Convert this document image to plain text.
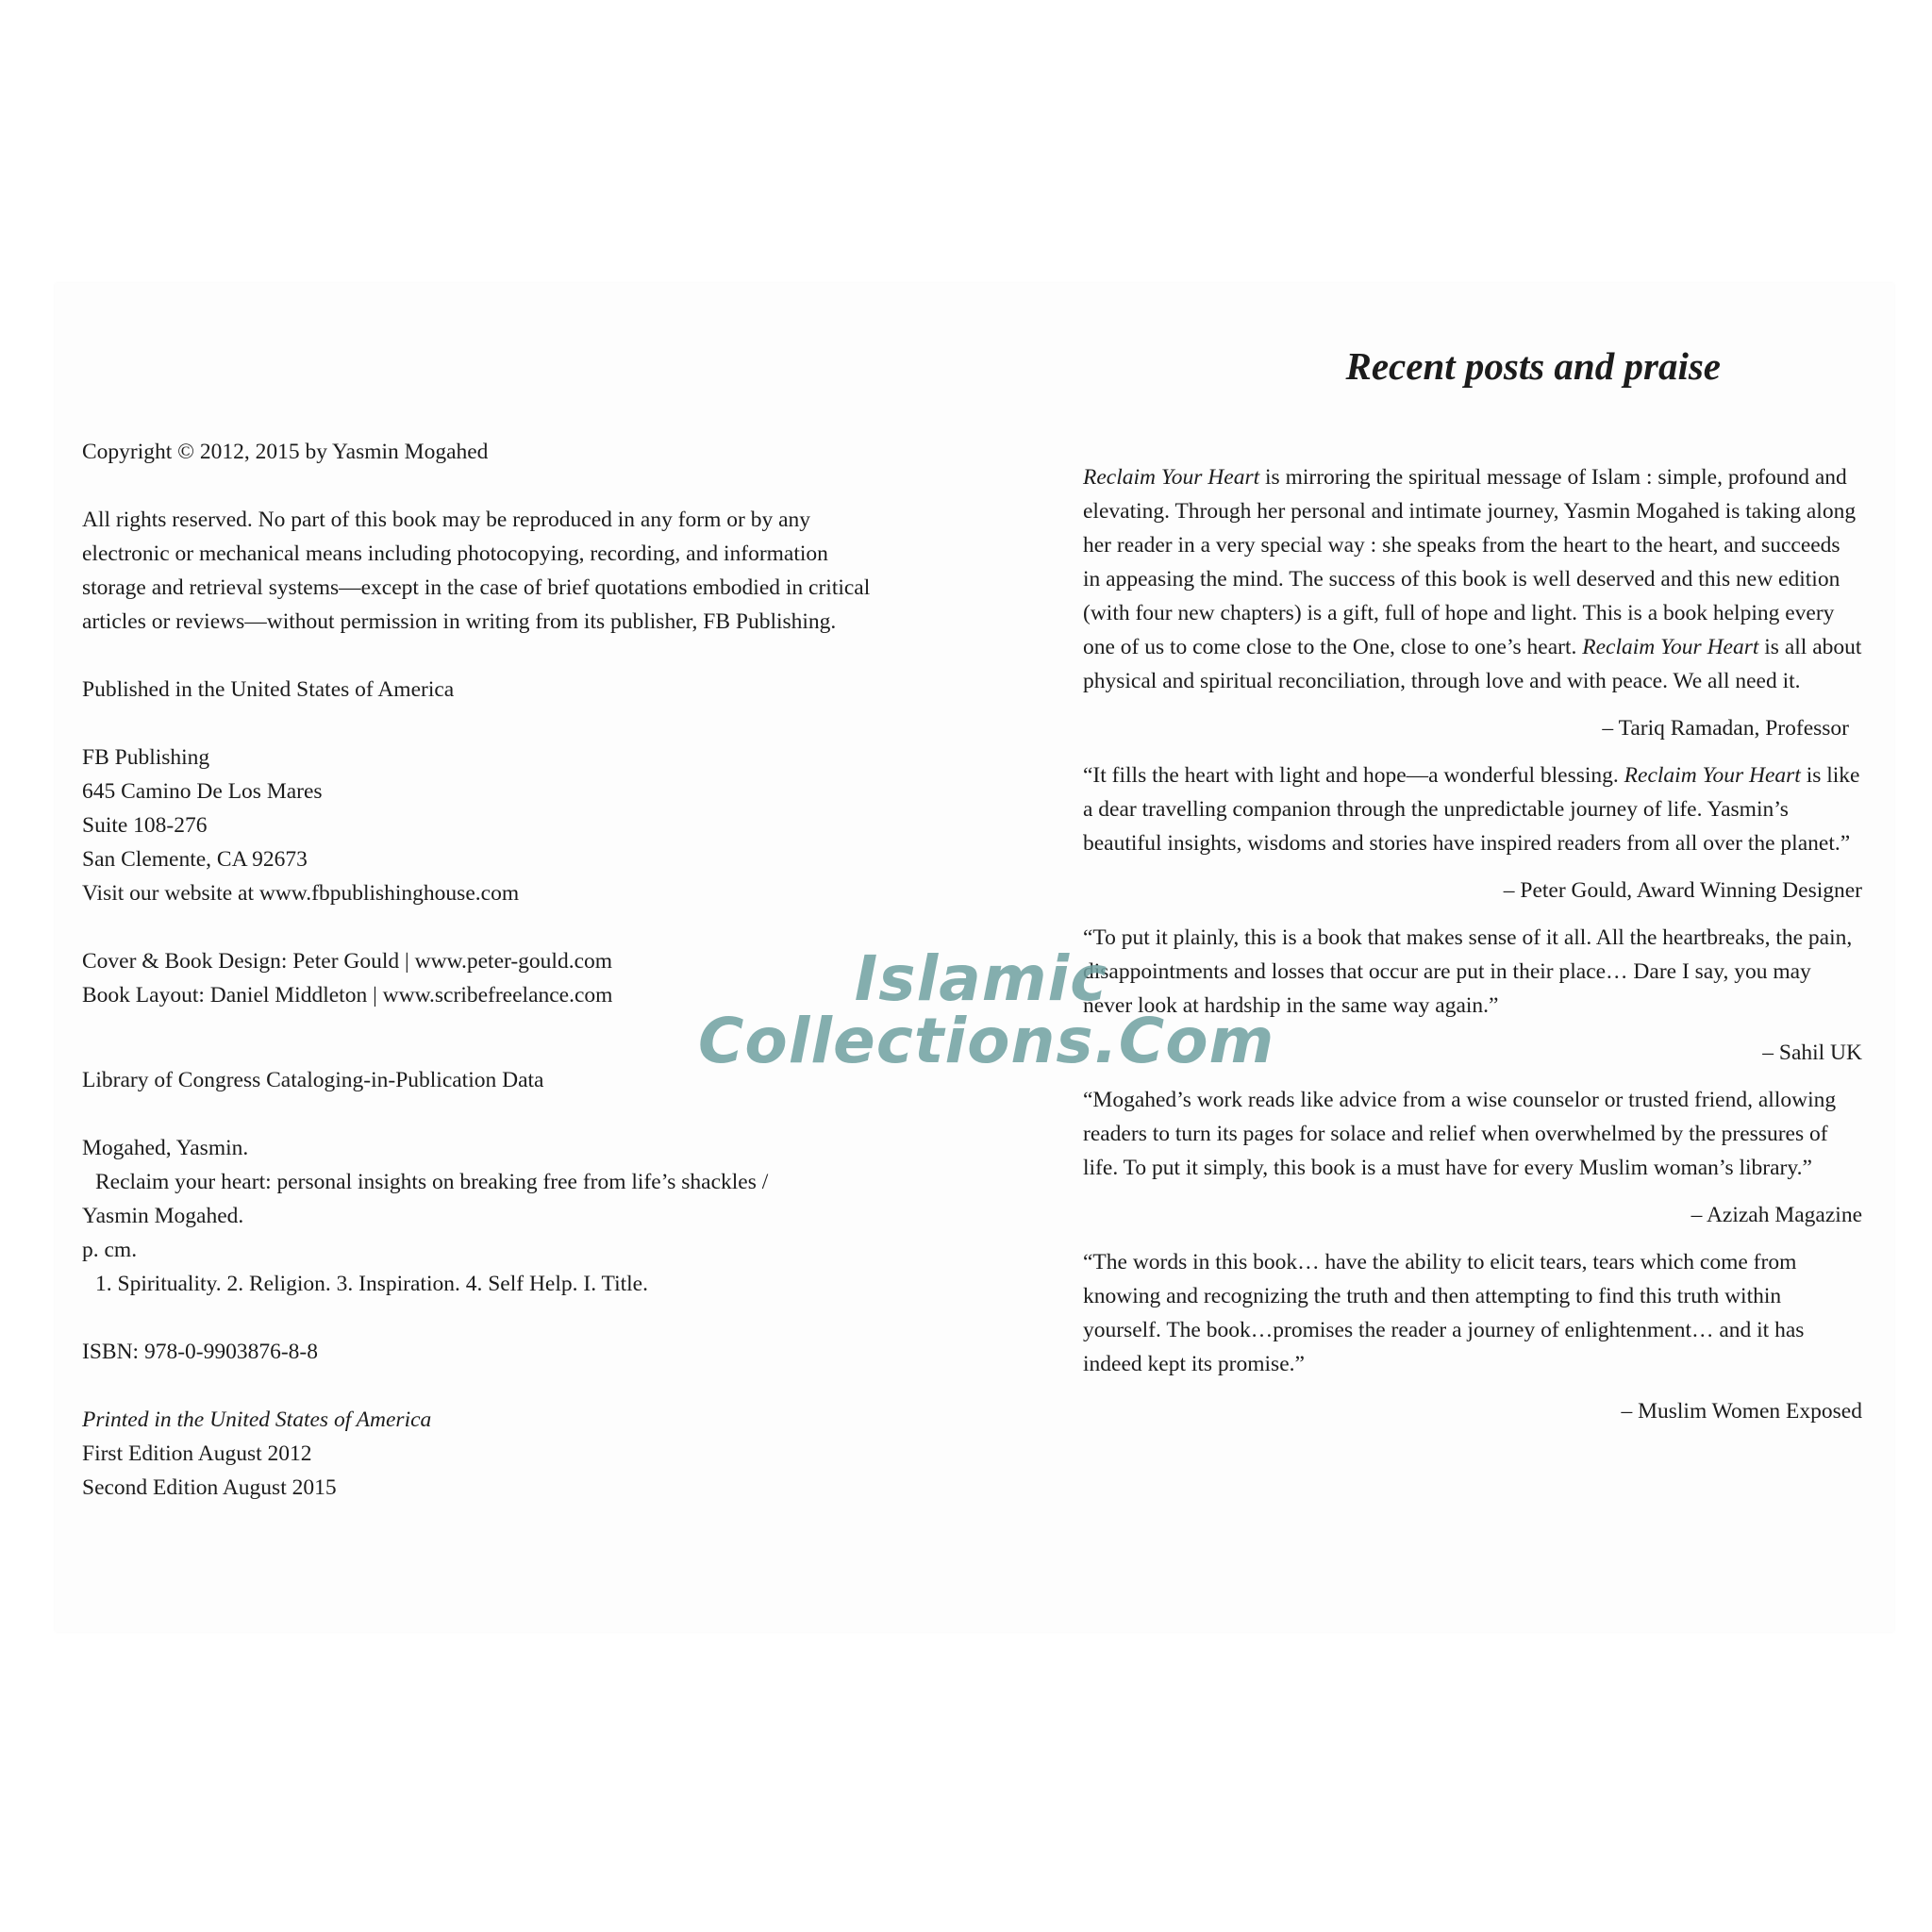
Copyright © 2012, 2015 by Yasmin Mogahed

All rights reserved. No part of this book may be reproduced in any form or by any electronic or mechanical means including photocopying, recording, and information storage and retrieval systems—except in the case of brief quotations embodied in critical articles or reviews—without permission in writing from its publisher, FB Publishing.

Published in the United States of America

FB Publishing

645 Camino De Los Mares

Suite 108-276

San Clemente, CA 92673

Visit our website at www.fbpublishinghouse.com

Cover & Book Design: Peter Gould | www.peter-gould.com

Book Layout: Daniel Middleton | www.scribefreelance.com

Library of Congress Cataloging-in-Publication Data

Mogahed, Yasmin.

Reclaim your heart: personal insights on breaking free from life’s shackles /

Yasmin Mogahed.

p. cm.

1. Spirituality. 2. Religion. 3. Inspiration. 4. Self Help. I. Title.

ISBN: 978-0-9903876-8-8

Printed in the United States of America

First Edition August 2012

Second Edition August 2015

Recent posts and praise

Reclaim Your Heart is mirroring the spiritual message of Islam : simple, profound and elevating. Through her personal and intimate journey, Yasmin Mogahed is taking along her reader in a very special way : she speaks from the heart to the heart, and succeeds in appeasing the mind. The success of this book is well deserved and this new edition (with four new chapters) is a gift, full of hope and light. This is a book helping every one of us to come close to the One, close to one’s heart. Reclaim Your Heart is all about physical and spiritual reconciliation, through love and with peace. We all need it.

– Tariq Ramadan, Professor

“It fills the heart with light and hope—a wonderful blessing. Reclaim Your Heart is like a dear travelling companion through the unpredictable journey of life. Yasmin’s beautiful insights, wisdoms and stories have inspired readers from all over the planet.”

– Peter Gould, Award Winning Designer

“To put it plainly, this is a book that makes sense of it all. All the heartbreaks, the pain, disappointments and losses that occur are put in their place… Dare I say, you may never look at hardship in the same way again.”

– Sahil UK

“Mogahed’s work reads like advice from a wise counselor or trusted friend, allowing readers to turn its pages for solace and relief when overwhelmed by the pressures of life. To put it simply, this book is a must have for every Muslim woman’s library.”

– Azizah Magazine

“The words in this book… have the ability to elicit tears, tears which come from knowing and recognizing the truth and then attempting to find this truth within yourself. The book…promises the reader a journey of enlightenment… and it has indeed kept its promise.”

– Muslim Women Exposed

Islamic
Collections.Com
